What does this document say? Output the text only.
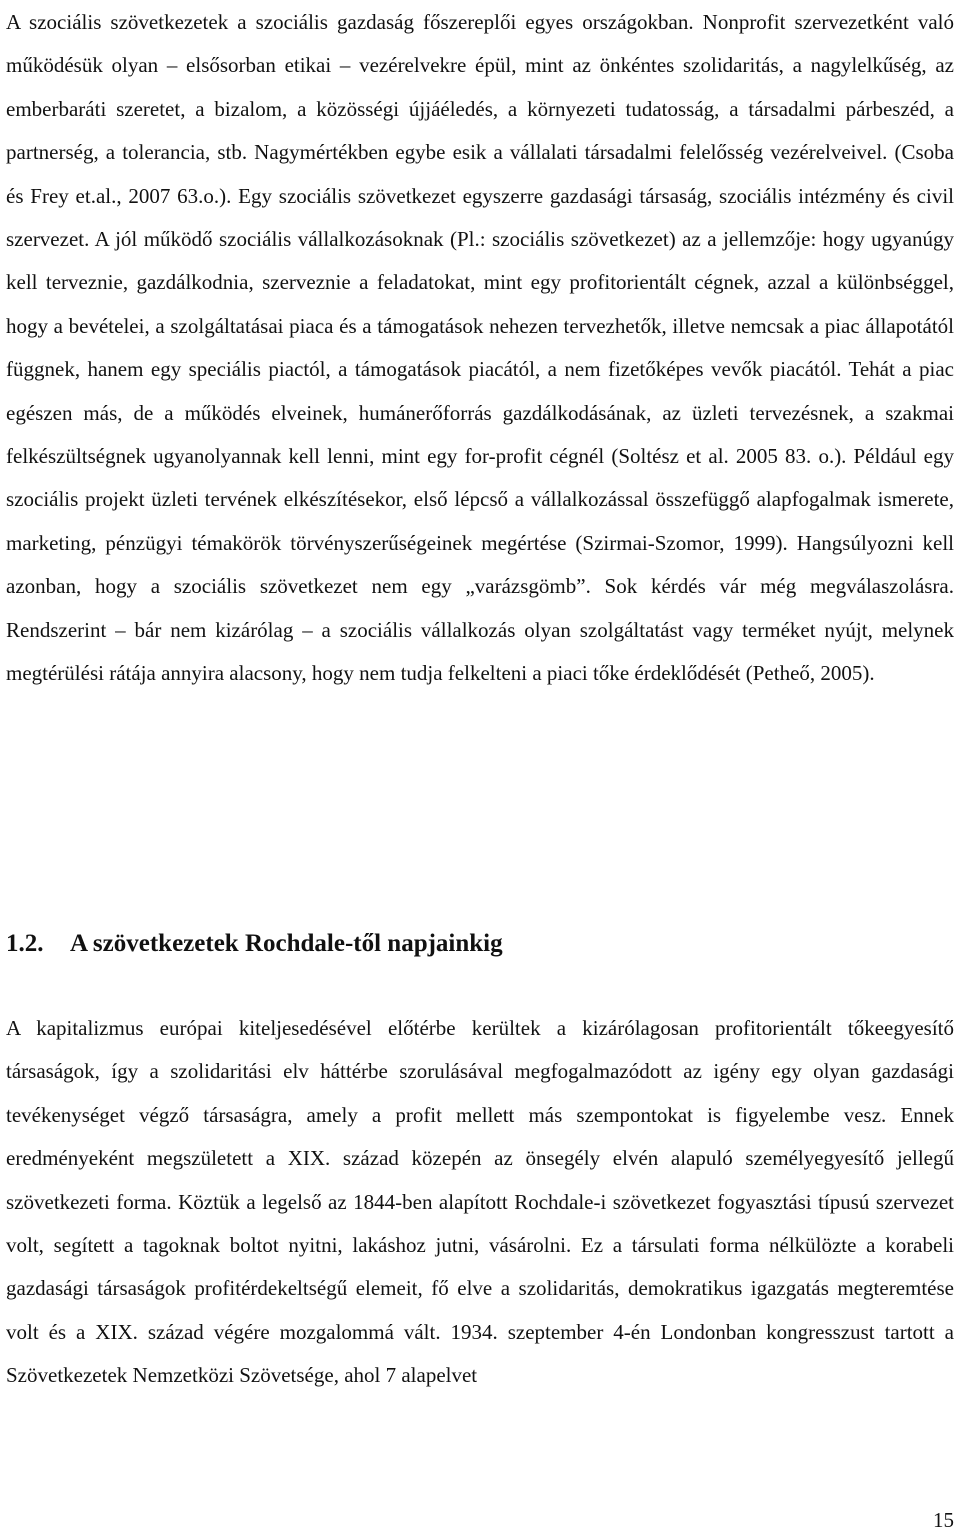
A szociális szövetkezetek a szociális gazdaság főszereplői egyes országokban. Nonprofit szervezetként való működésük olyan – elsősorban etikai – vezérelvekre épül, mint az önkéntes szolidaritás, a nagylelkűség, az emberbaráti szeretet, a bizalom, a közösségi újjáéledés, a környezeti tudatosság, a társadalmi párbeszéd, a partnerség, a tolerancia, stb. Nagymértékben egybe esik a vállalati társadalmi felelősség vezérelveivel. (Csoba és Frey et.al., 2007 63.o.). Egy szociális szövetkezet egyszerre gazdasági társaság, szociális intézmény és civil szervezet. A jól működő szociális vállalkozásoknak (Pl.: szociális szövetkezet) az a jellemzője: hogy ugyanúgy kell terveznie, gazdálkodnia, szerveznie a feladatokat, mint egy profitorientált cégnek, azzal a különbséggel, hogy a bevételei, a szolgáltatásai piaca és a támogatások nehezen tervezhetők, illetve nemcsak a piac állapotától függnek, hanem egy speciális piactól, a támogatások piacától, a nem fizetőképes vevők piacától. Tehát a piac egészen más, de a működés elveinek, humánerőforrás gazdálkodásának, az üzleti tervezésnek, a szakmai felkészültségnek ugyanolyannak kell lenni, mint egy for-profit cégnél (Soltész et al. 2005 83. o.). Például egy szociális projekt üzleti tervének elkészítésekor, első lépcső a vállalkozással összefüggő alapfogalmak ismerete, marketing, pénzügyi témakörök törvényszerűségeinek megértése (Szirmai-Szomor, 1999). Hangsúlyozni kell azonban, hogy a szociális szövetkezet nem egy „varázsgömb”. Sok kérdés vár még megválaszolásra. Rendszerint – bár nem kizárólag – a szociális vállalkozás olyan szolgáltatást vagy terméket nyújt, melynek megtérülési rátája annyira alacsony, hogy nem tudja felkelteni a piaci tőke érdeklődését (Petheő, 2005).

1.2. A szövetkezetek Rochdale-től napjainkig

A kapitalizmus európai kiteljesedésével előtérbe kerültek a kizárólagosan profitorientált tőkeegyesítő társaságok, így a szolidaritási elv háttérbe szorulásával megfogalmazódott az igény egy olyan gazdasági tevékenységet végző társaságra, amely a profit mellett más szempontokat is figyelembe vesz. Ennek eredményeként megszületett a XIX. század közepén az önsegély elvén alapuló személyegyesítő jellegű szövetkezeti forma. Köztük a legelső az 1844-ben alapított Rochdale-i szövetkezet fogyasztási típusú szervezet volt, segített a tagoknak boltot nyitni, lakáshoz jutni, vásárolni. Ez a társulati forma nélkülözte a korabeli gazdasági társaságok profitérdekeltségű elemeit, fő elve a szolidaritás, demokratikus igazgatás megteremtése volt és a XIX. század végére mozgalommá vált. 1934. szeptember 4-én Londonban kongresszust tartott a Szövetkezetek Nemzetközi Szövetsége, ahol 7 alapelvet

15
